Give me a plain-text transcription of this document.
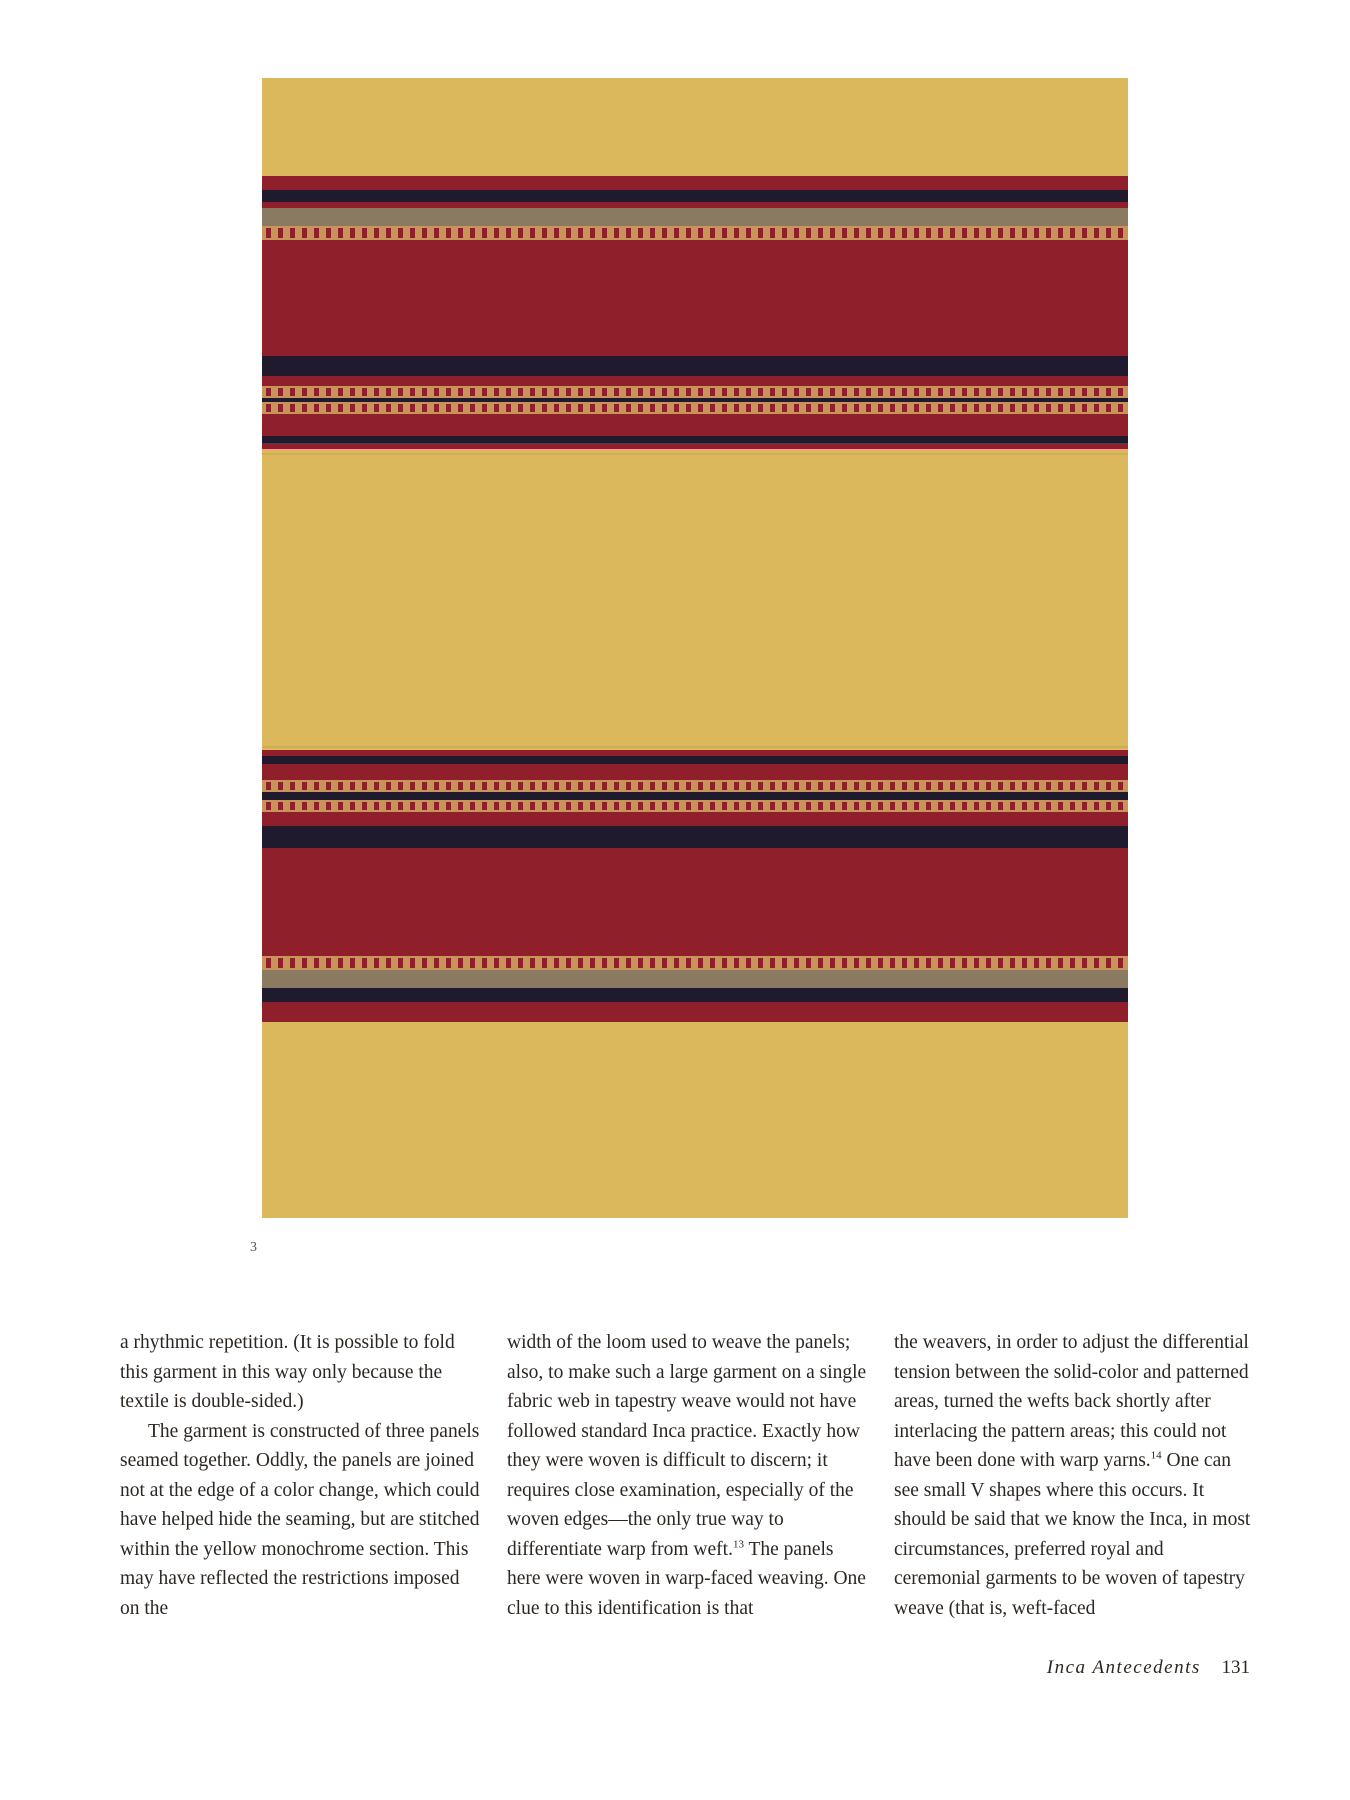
3

a rhythmic repetition. (It is possible to fold this garment in this way only because the textile is double-sided.)

The garment is constructed of three panels seamed together. Oddly, the panels are joined not at the edge of a color change, which could have helped hide the seaming, but are stitched within the yellow monochrome section. This may have reflected the restrictions imposed on the

width of the loom used to weave the panels; also, to make such a large garment on a single fabric web in tapestry weave would not have followed standard Inca practice. Exactly how they were woven is difficult to discern; it requires close examination, especially of the woven edges—the only true way to differentiate warp from weft.$^{13}$ The panels here were woven in warp-faced weaving. One clue to this identification is that

the weavers, in order to adjust the differential tension between the solid-color and patterned areas, turned the wefts back shortly after interlacing the pattern areas; this could not have been done with warp yarns.$^{14}$ One can see small V shapes where this occurs. It should be said that we know the Inca, in most circumstances, preferred royal and ceremonial garments to be woven of tapestry weave (that is, weft-faced

Inca Antecedents 131
